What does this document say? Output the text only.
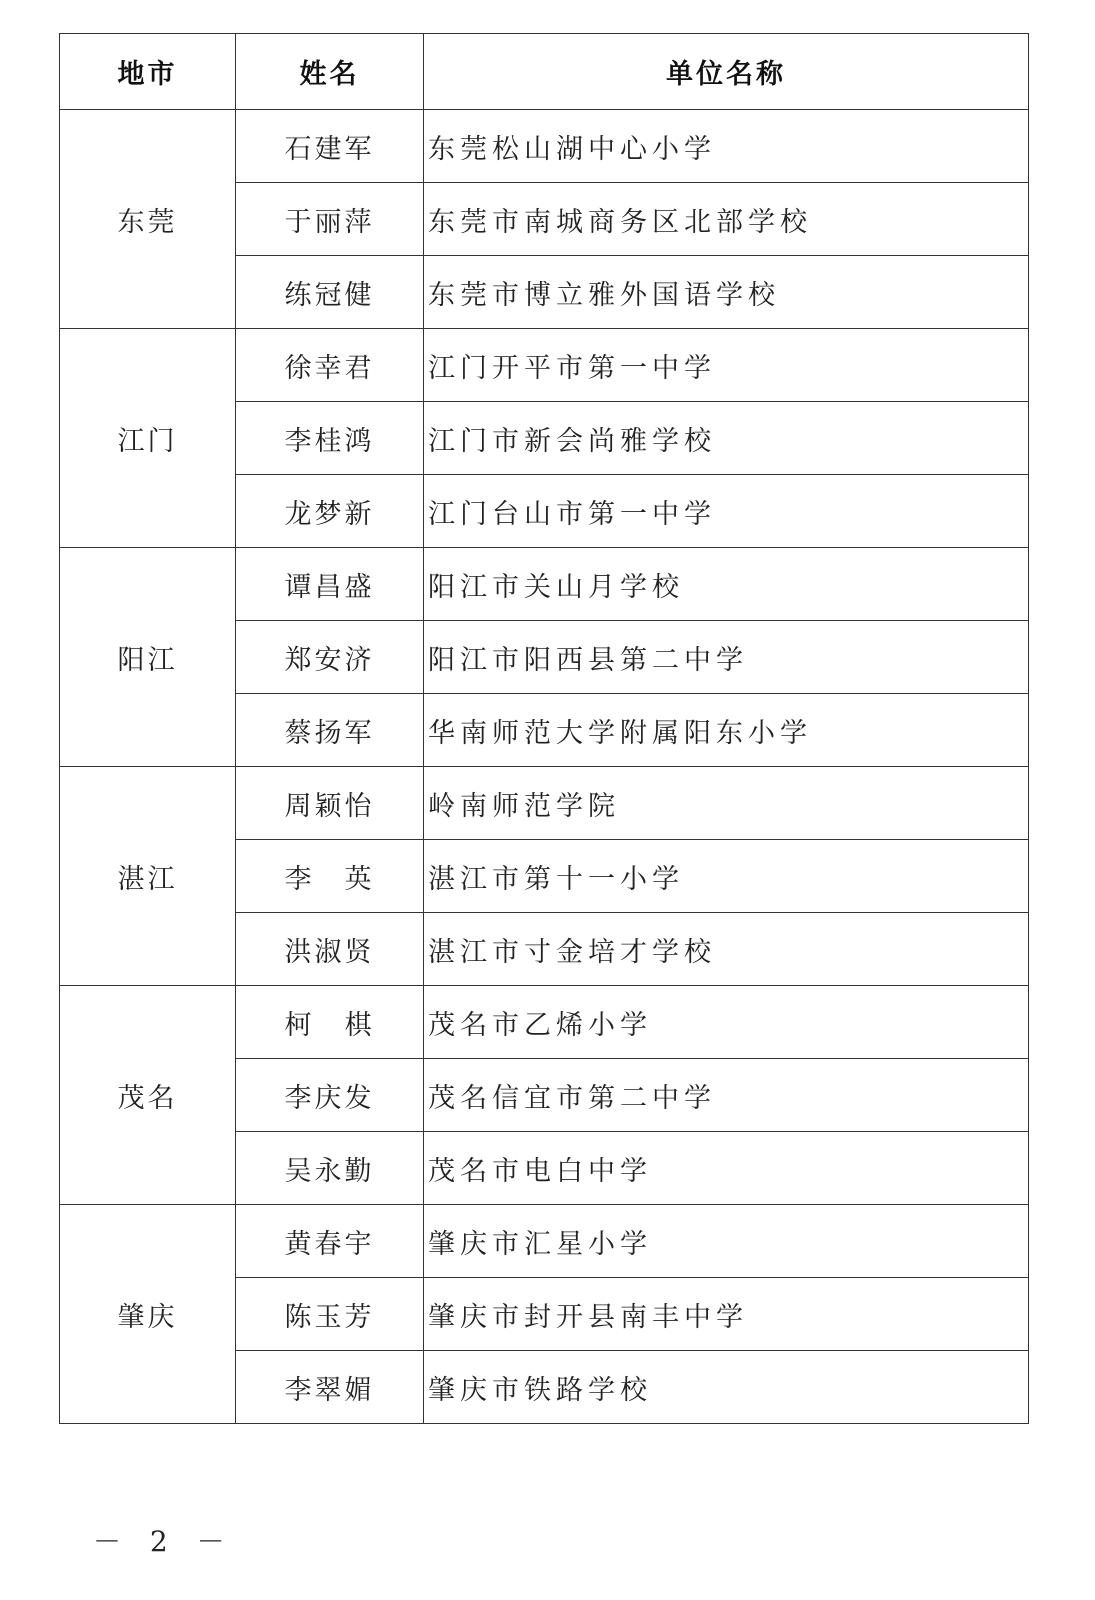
地市	姓名	单位名称
东莞	石建军	东莞松山湖中心小学
	于丽萍	东莞市南城商务区北部学校
	练冠健	东莞市博立雅外国语学校
江门	徐幸君	江门开平市第一中学
	李桂鸿	江门市新会尚雅学校
	龙梦新	江门台山市第一中学
阳江	谭昌盛	阳江市关山月学校
	郑安济	阳江市阳西县第二中学
	蔡扬军	华南师范大学附属阳东小学
湛江	周颖怡	岭南师范学院
	李　英	湛江市第十一小学
	洪淑贤	湛江市寸金培才学校
茂名	柯　棋	茂名市乙烯小学
	李庆发	茂名信宜市第二中学
	吴永勤	茂名市电白中学
肇庆	黄春宇	肇庆市汇星小学
	陈玉芳	肇庆市封开县南丰中学
	李翠媚	肇庆市铁路学校
－ 2 －
